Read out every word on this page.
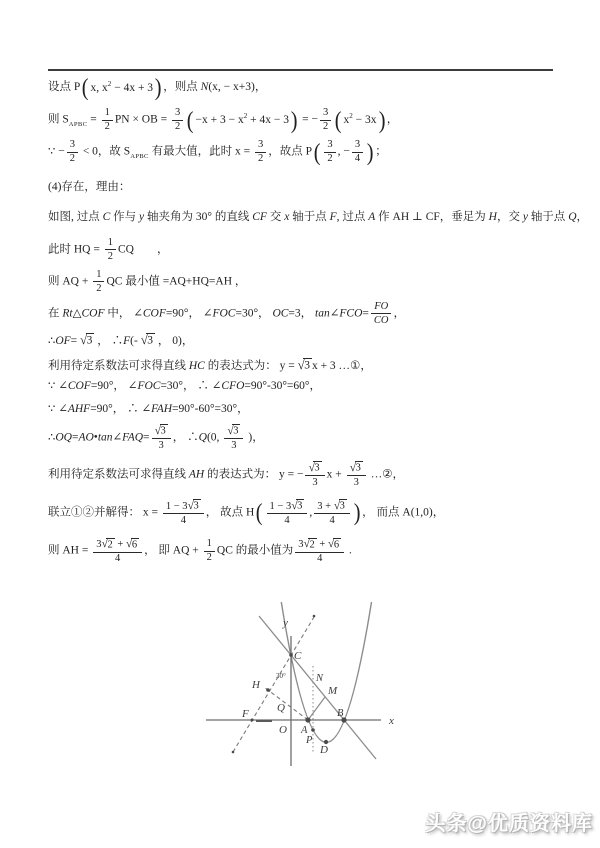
设点 P ( x, $x^2 - 4x + 3$ ) ，则点 N(x, − x+3)，
则 $S_{APBC} = \frac{1}{2}$ PN × OB = $\frac{3}{2}$ ( $-x + 3 - x^2 + 4x - 3$ ) = − $\frac{3}{2}$ ( $x^2 - 3x$ ) ，
∵ − $\frac{3}{2} < 0$，故 $S_{APBC}$ 有最大值，此时 $x = \frac{3}{2}$ ，故点 P ( $\frac{3}{2}$ , − $\frac{3}{4}$ ) ；
(4)存在，理由：
如图, 过点 C 作与 y 轴夹角为 30° 的直线 CF 交 x 轴于点 F, 过点 A 作 AH ⊥ CF，垂足为 H，交 y 轴于点 Q，
此时 HQ = $\frac{1}{2}$ CQ　　，
则 AQ + $\frac{1}{2}$ QC 最小值 =AQ+HQ=AH ，
在 Rt△COF 中， ∠COF=90°， ∠FOC=30°， OC=3， tan∠FCO= $\frac{FO}{CO}$ ，
∴OF= √3 ， ∴F(- √3 ， 0)，
利用待定系数法可求得直线 HC 的表达式为： y = √3 x + 3 …①，
∵ ∠COF=90°， ∠FOC=30°， ∴ ∠CFO=90°-30°=60°，
∵ ∠AHF=90°， ∴ ∠FAH=90°-60°=30°，
∴OQ=AO•tan∠FAQ= $\frac{√3}{3}$ ， ∴Q(0, $\frac{√3}{3}$ )，
利用待定系数法可求得直线 AH 的表达式为： y = − $\frac{√3}{3}$ $x + \frac{√3}{3}$ …②，
联立①②并解得： $x = \frac{1 - 3√3}{4}$ ， 故点 H ( $\frac{1 - 3√3}{4}$ , $\frac{3 + √3}{4}$ ) ， 而点 A(1,0)，
则 AH = $\frac{3√2 + √6}{4}$ ， 即 AQ + $\frac{1}{2}$ QC 的最小值为 $\frac{3√2 + √6}{4}$ .
y
x
C
30°
H
N
M
Q
F
O A
P
D
B
头条@优质资料库
